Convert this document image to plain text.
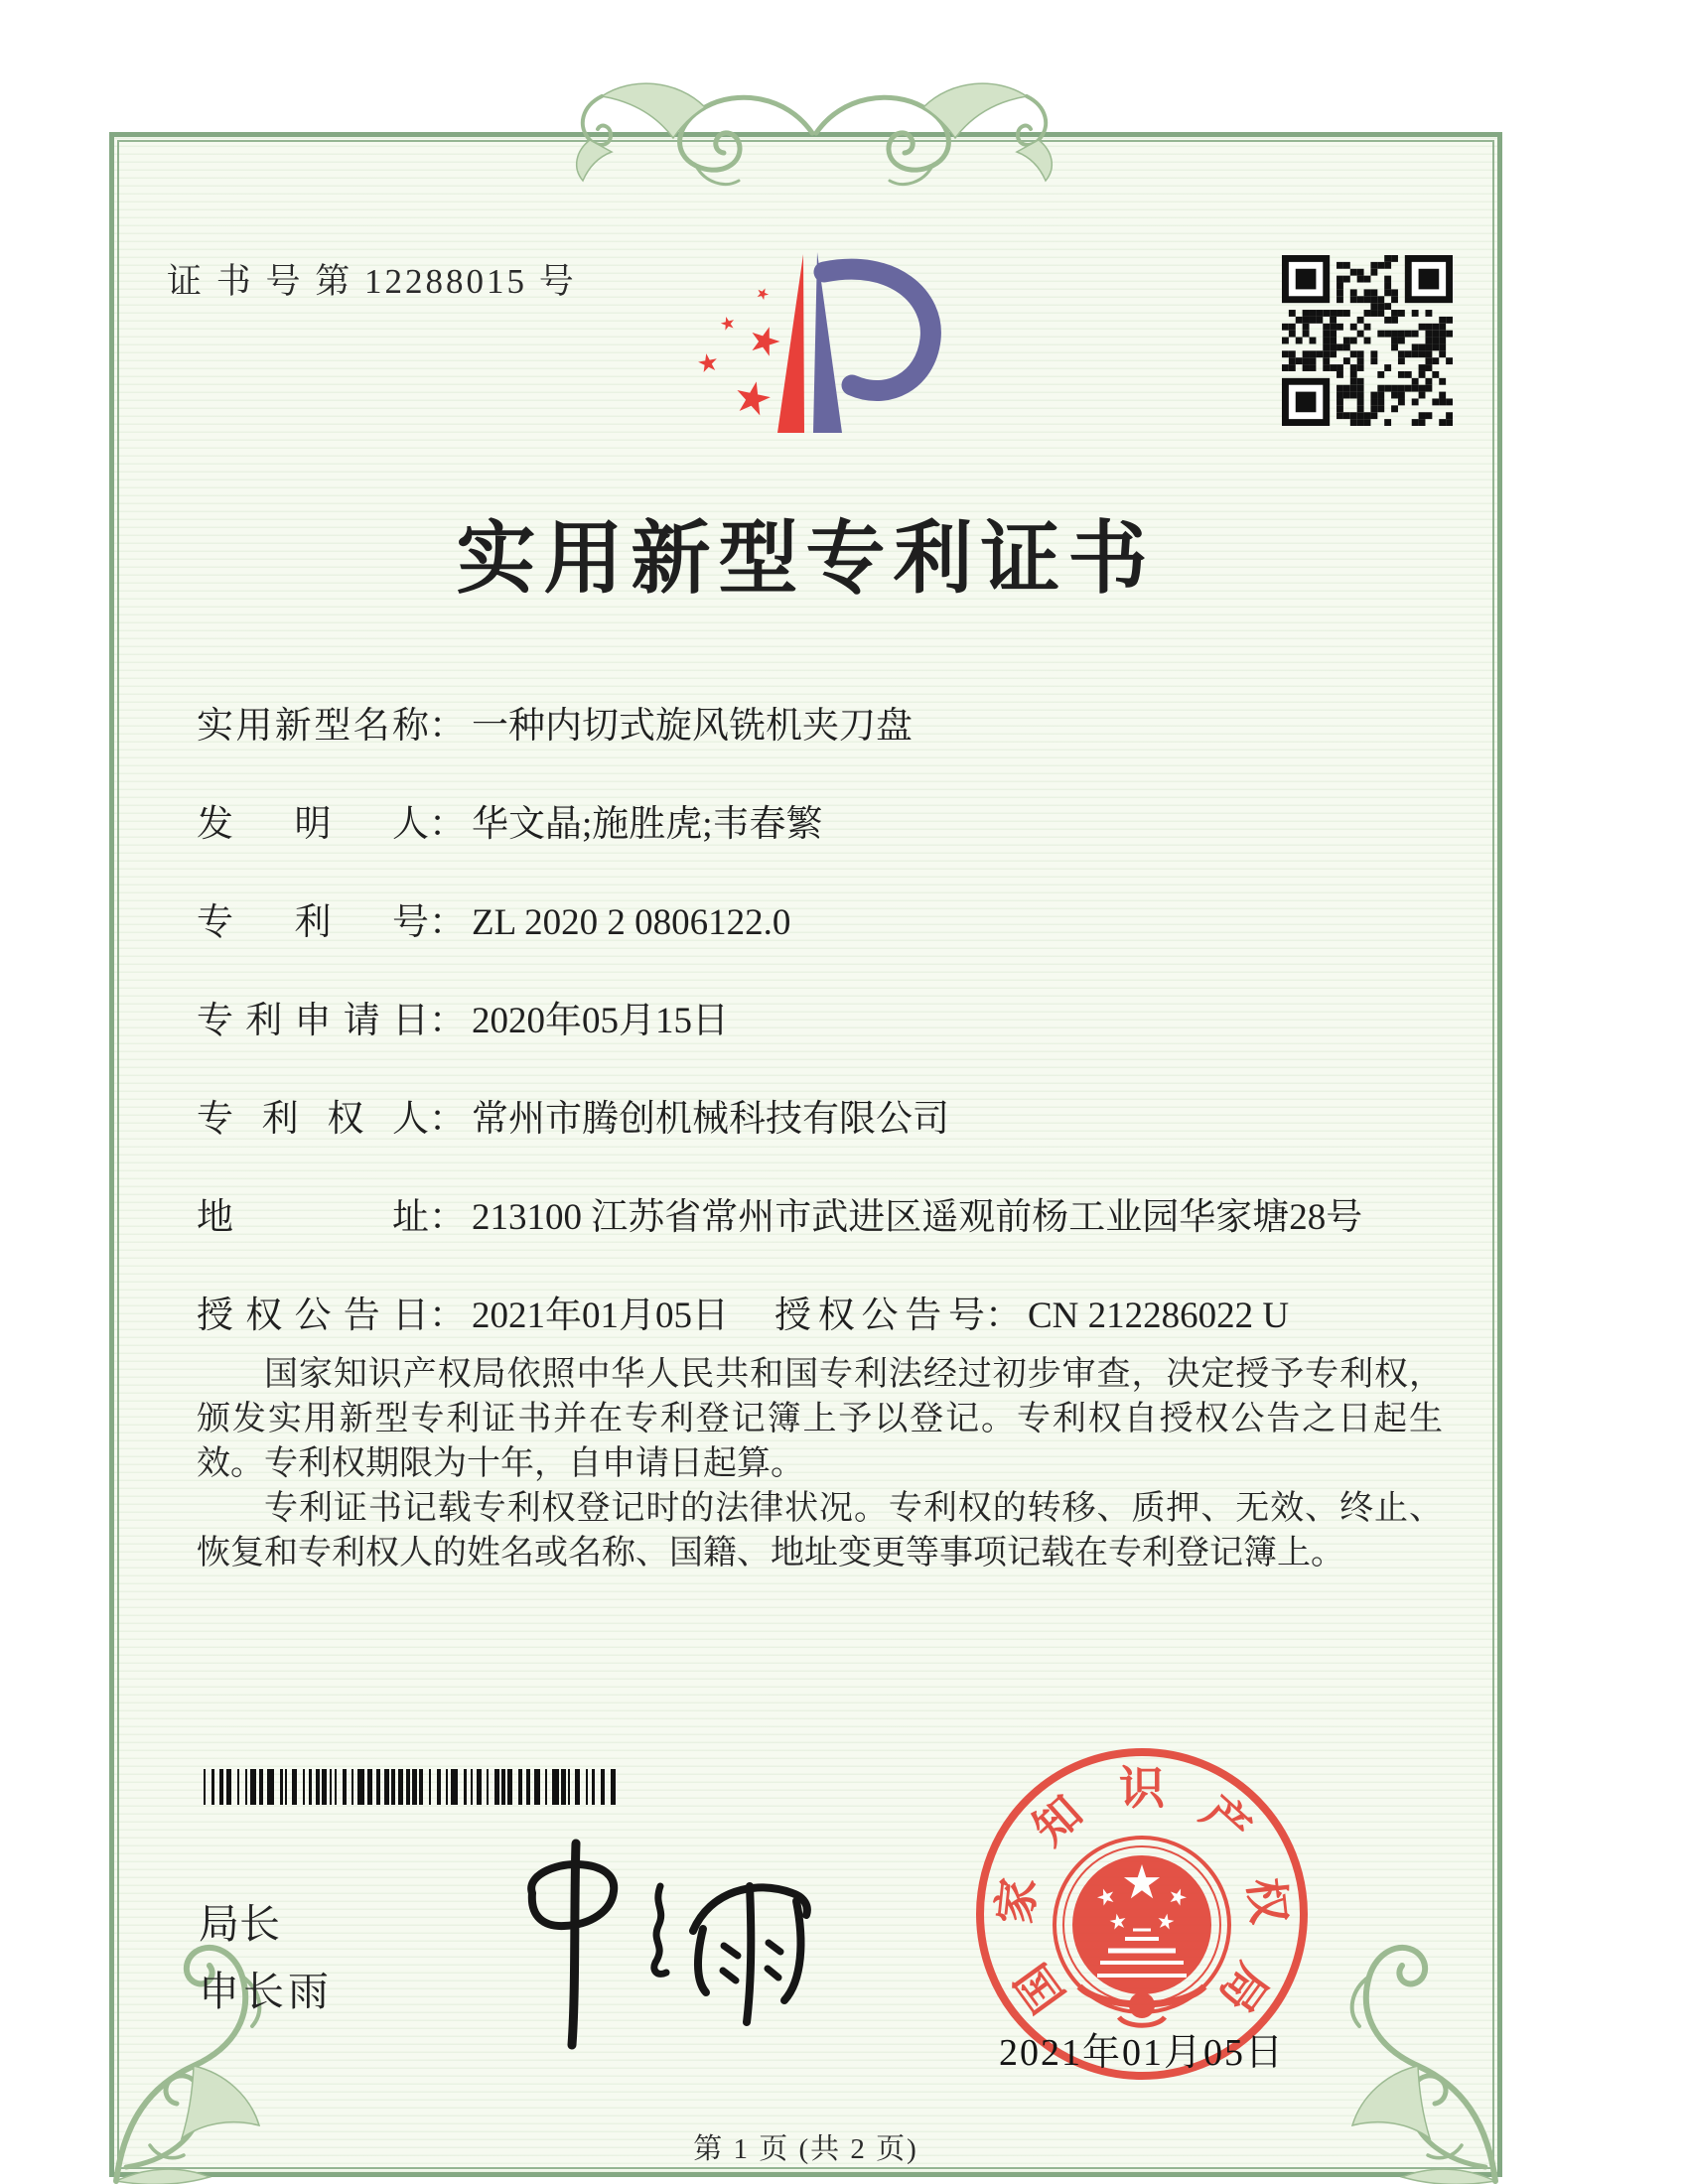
证 书 号 第 12288015 号
实用新型专利证书
实用新型名称： 一种内切式旋风铣机夹刀盘
发明人： 华文晶;施胜虎;韦春繁
专利号： ZL 2020 2 0806122.0
专利申请日： 2020年05月15日
专利权人： 常州市腾创机械科技有限公司
地址： 213100 江苏省常州市武进区遥观前杨工业园华家塘28号
授权公告日： 2021年01月05日 授权公告号： CN 212286022 U

国家知识产权局依照中华人民共和国专利法经过初步审查，决定授予专利权，颁发实用新型专利证书并在专利登记簿上予以登记。专利权自授权公告之日起生效。专利权期限为十年，自申请日起算。

专利证书记载专利权登记时的法律状况。专利权的转移、质押、无效、终止、恢复和专利权人的姓名或名称、国籍、地址变更等事项记载在专利登记簿上。

局长
申长雨	国
家
知 识 产
权
局
2021年01月05日
第 1 页 (共 2 页)
